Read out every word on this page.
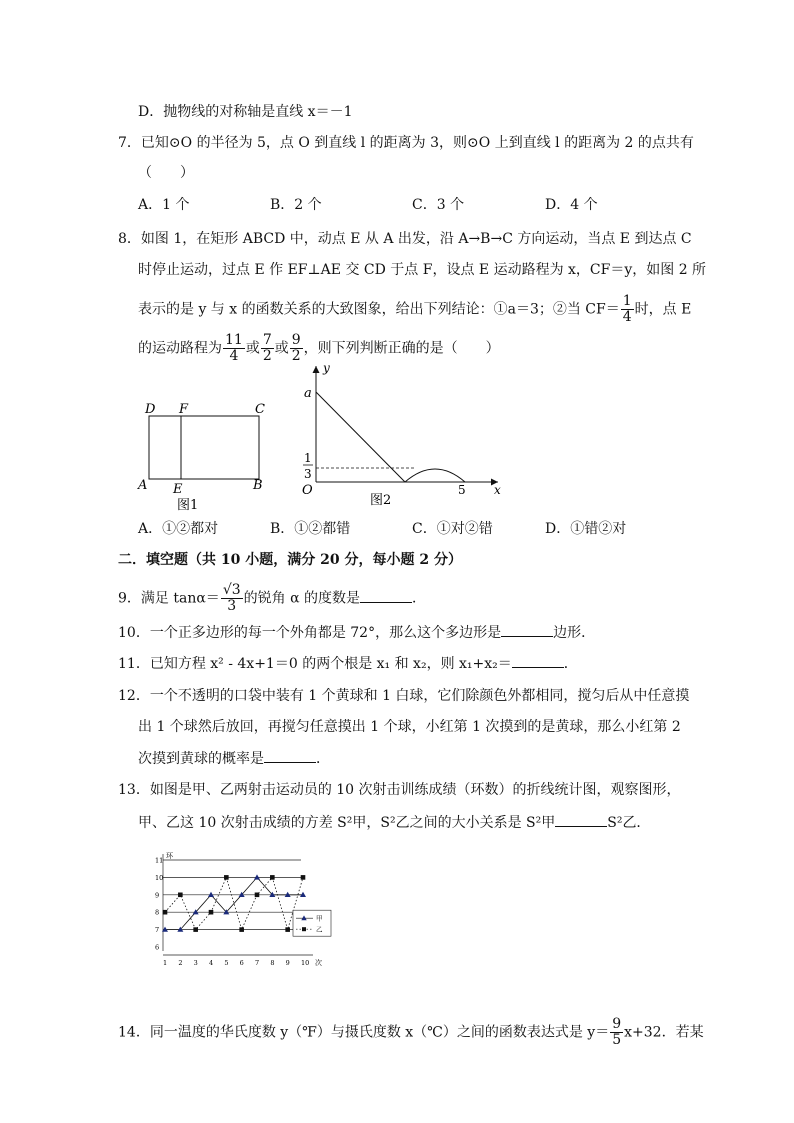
D．抛物线的对称轴是直线 x＝－1
7．已知⊙O 的半径为 5，点 O 到直线 l 的距离为 3，则⊙O 上到直线 l 的距离为 2 的点共有
（　　）
A．1 个	B．2 个	C．3 个	D．4 个
8．如图 1，在矩形 ABCD 中，动点 E 从 A 出发，沿 A→B→C 方向运动，当点 E 到达点 C
时停止运动，过点 E 作 EF⊥AE 交 CD 于点 F，设点 E 运动路程为 x，CF＝y，如图 2 所
表示的是 y 与 x 的函数关系的大致图象，给出下列结论：①a＝3；②当 $CF= \frac{1}{4}$ 时，点 E
的运动路程为 $\frac{11}{4}$ 或 $\frac{7}{2}$ 或 $\frac{9}{2}$ ，则下列判断正确的是（　　）
D F	C
A E	B
图1
y
a
1
3
O	5 x
图2
A．①②都对	B．①②都错	C．①对②错	D．①错②对
二．填空题（共 10 小题，满分 20 分，每小题 2 分）
9．满足 $\tan\alpha= \frac{√3}{3}$ 的锐角 α 的度数是	．
10．一个正多边形的每一个外角都是 72°，那么这个多边形是	边形．
11．已知方程 x² - 4x+1＝0 的两个根是 x₁ 和 x₂，则 x₁+x₂＝	．
12．一个不透明的口袋中装有 1 个黄球和 1 白球，它们除颜色外都相同，搅匀后从中任意摸
出 1 个球然后放回，再搅匀任意摸出 1 个球，小红第 1 次摸到的是黄球，那么小红第 2
次摸到黄球的概率是	．
13．如图是甲、乙两射击运动员的 10 次射击训练成绩（环数）的折线统计图，观察图形，
甲、乙这 10 次射击成绩的方差 S²甲，S²乙之间的大小关系是 S²甲	S²乙．
6
7
8
9
10
11
1 2 3 4 5 6 7 8 9 10
环
次
甲
乙
14．同一温度的华氏度数 y（℉）与摄氏度数 x（℃）之间的函数表达式是 $y= \frac{9}{5} x+32$．若某
